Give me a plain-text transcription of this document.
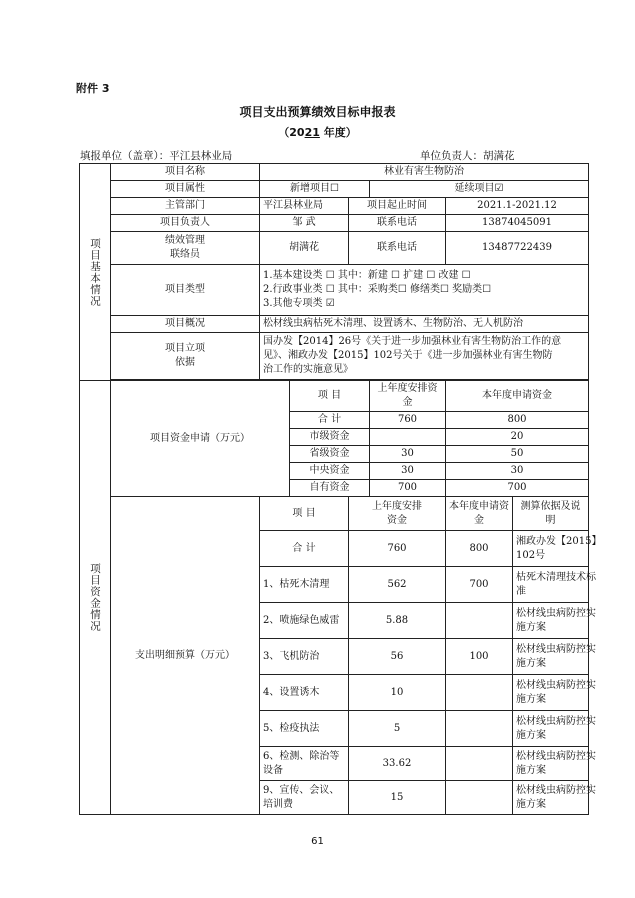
附件 3
项目支出预算绩效目标申报表
（2021 年度）
填报单位（盖章）：平江县林业局	单位负责人：胡满花
项目基本情况	项目名称	林业有害生物防治					
	项目属性	新增项目☐			延续项目☑		
	主管部门	平江县林业局		项目起止时间		2021.1-2021.12	
	项目负责人	邹 武		联系电话		13874045091	

	绩效管理
联络员	胡满花		联系电话		13487722439	
	项目类型	1.基本建设类 ☐ 其中：新建 ☐ 扩建 ☐ 改建 ☐
2.行政事业类 ☐ 其中：采购类☐ 修缮类☐ 奖励类☐
3.其他专项类 ☑					

	项目概况	松材线虫病枯死木清理、设置诱木、生物防治、无人机防治					

	项目立项
依据	国办发【2014】26号《关于进一步加强林业有害生物防治工作的意
见》、湘政办发【2015】102号关于《进一步加强林业有害生物防
治工作的实施意见》					

项目资金情况	项目资金申请（万元）		项 目		上年度安排资金	本年度申请资金	
			合 计		760	800	
			市级资金			20	
			省级资金		30	50	
			中央资金		30	30	
			自有资金		700	700	
	支出明细预算（万元）	项 目		上年度安排
资金		本年度申请资
金	测算依据及说明

		合 计		760		800	湘政办发【2015】
102号

		1、枯死木清理		562		700	枯死木清理技术标
准

		2、喷施绿色威雷		5.88			松材线虫病防控实
施方案

		3、飞机防治		56		100	松材线虫病防控实
施方案

		4、设置诱木		10			松材线虫病防控实
施方案

		5、检疫执法		5			松材线虫病防控实
施方案

		6、检测、除治等
设备		33.62			松材线虫病防控实
施方案

		9、宣传、会议、
培训费		15			松材线虫病防控实
施方案
61
